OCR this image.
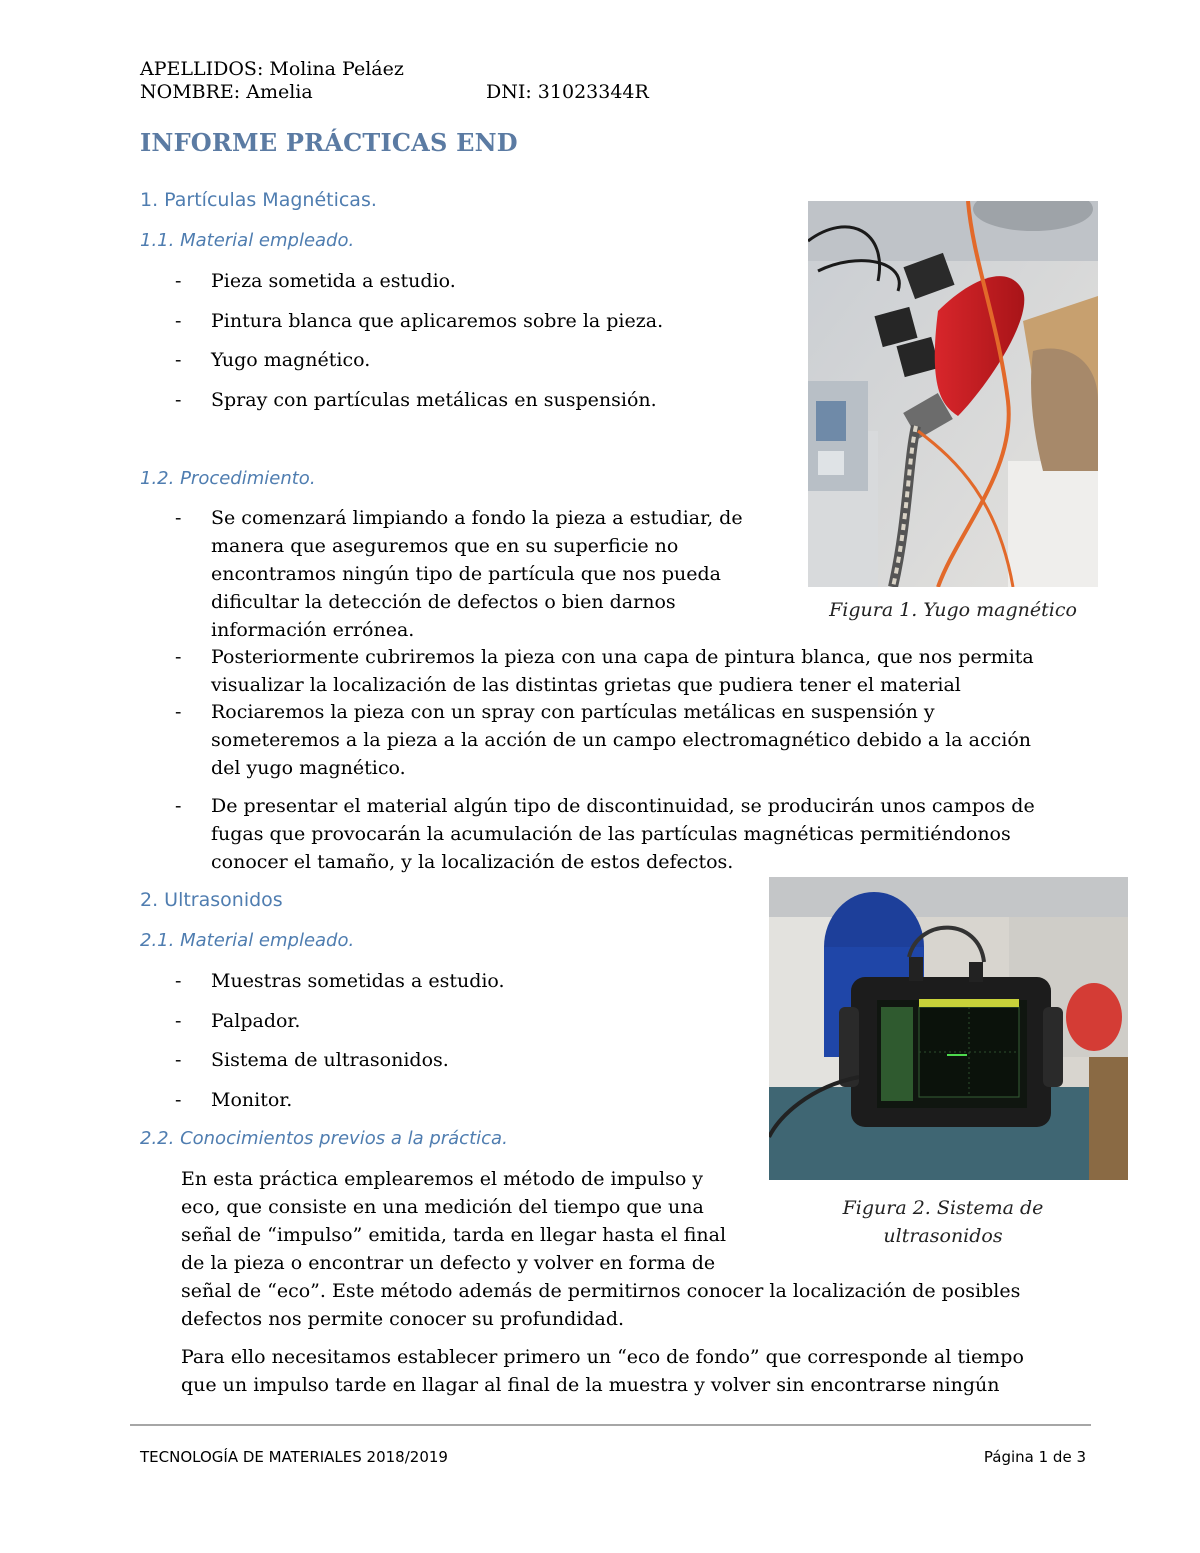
APELLIDOS: Molina Peláez
NOMBRE: Amelia	DNI: 31023344R
INFORME PRÁCTICAS END
1. Partículas Magnéticas.
1.1. Material empleado.
- Pieza sometida a estudio.
- Pintura blanca que aplicaremos sobre la pieza.
- Yugo magnético.
- Spray con partículas metálicas en suspensión.
1.2. Procedimiento.
- Se comenzará limpiando a fondo la pieza a estudiar, de
manera que aseguremos que en su superficie no
encontramos ningún tipo de partícula que nos pueda
dificultar la detección de defectos o bien darnos
información errónea.
- Posteriormente cubriremos la pieza con una capa de pintura blanca, que nos permita
visualizar la localización de las distintas grietas que pudiera tener el material
- Rociaremos la pieza con un spray con partículas metálicas en suspensión y
someteremos a la pieza a la acción de un campo electromagnético debido a la acción
del yugo magnético.
- De presentar el material algún tipo de discontinuidad, se producirán unos campos de
fugas que provocarán la acumulación de las partículas magnéticas permitiéndonos
conocer el tamaño, y la localización de estos defectos.
Figura 1. Yugo magnético
2. Ultrasonidos
2.1. Material empleado.
- Muestras sometidas a estudio.
- Palpador.
- Sistema de ultrasonidos.
- Monitor.
2.2. Conocimientos previos a la práctica.
En esta práctica emplearemos el método de impulso y
eco, que consiste en una medición del tiempo que una
señal de “impulso” emitida, tarda en llegar hasta el final
de la pieza o encontrar un defecto y volver en forma de
señal de “eco”. Este método además de permitirnos conocer la localización de posibles
defectos nos permite conocer su profundidad.
Para ello necesitamos establecer primero un “eco de fondo” que corresponde al tiempo
que un impulso tarde en llagar al final de la muestra y volver sin encontrarse ningún
Figura 2. Sistema de
ultrasonidos
TECNOLOGÍA DE MATERIALES 2018/2019	Página 1 de 3
